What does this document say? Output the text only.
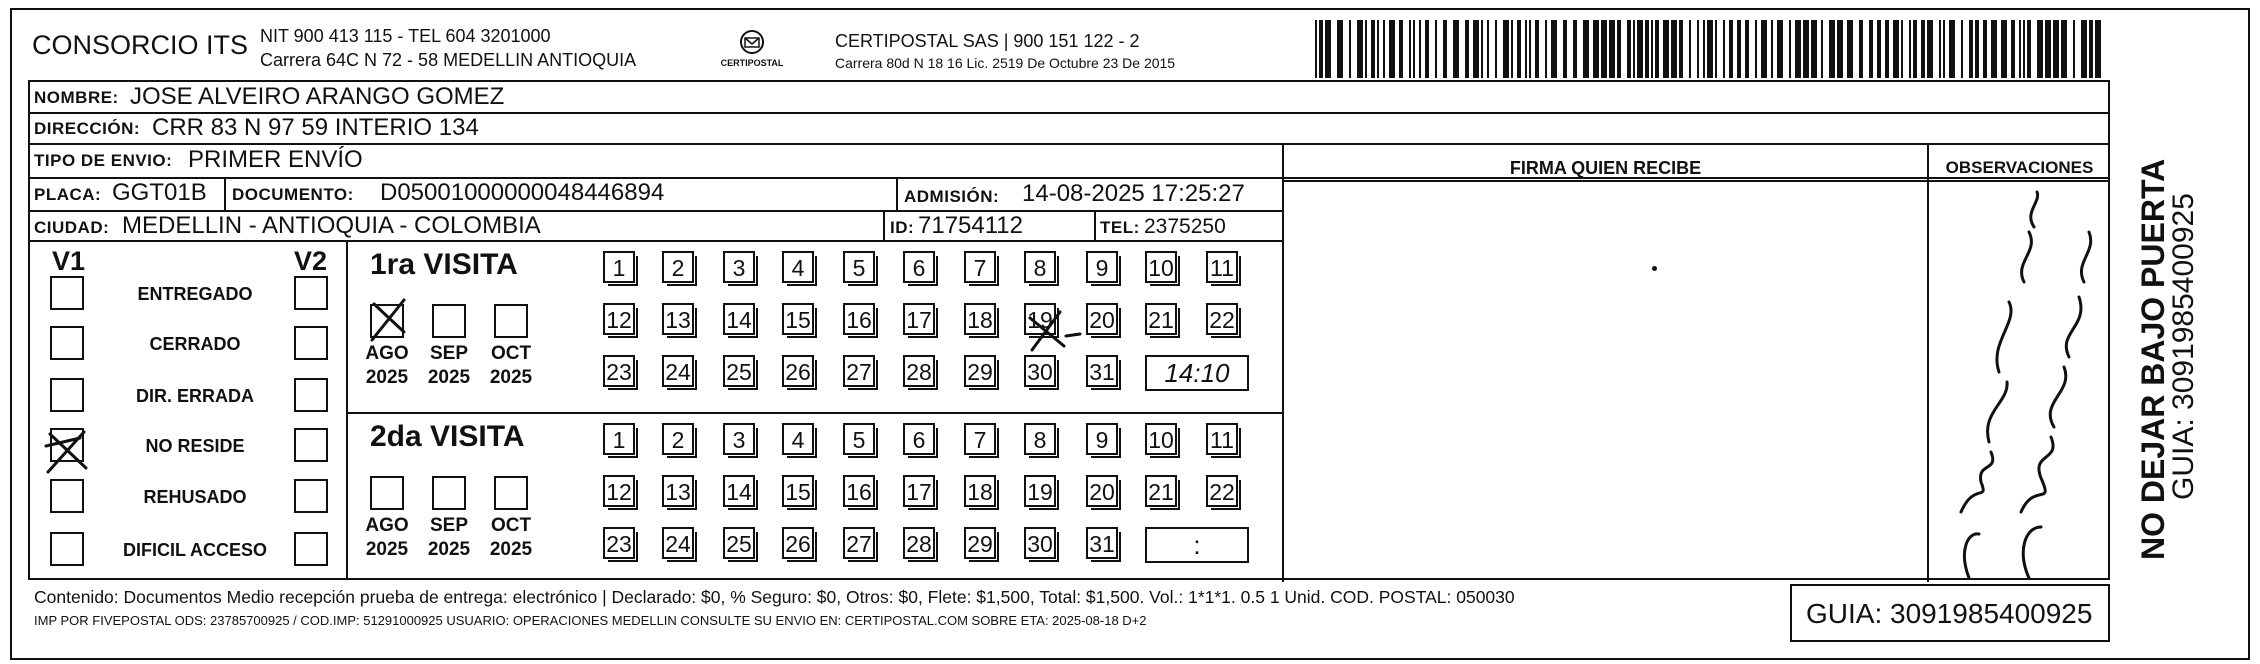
CONSORCIO ITS NIT 900 413 115 - TEL 604 3201000
Carrera 64C N 72 - 58 MEDELLIN ANTIOQUIA	CERTIPOSTAL
CERTIPOSTAL SAS | 900 151 122 - 2
Carrera 80d N 18 16 Lic. 2519 De Octubre 23 De 2015
NOMBRE: JOSE ALVEIRO ARANGO GOMEZ
DIRECCIÓN: CRR 83 N 97 59 INTERIO 134
TIPO DE ENVIO: PRIMER ENVÍO
PLACA: GGT01B DOCUMENTO: D05001000000048446894	ADMISIÓN: 14-08-2025 17:25:27
CIUDAD: MEDELLIN - ANTIOQUIA - COLOMBIA	ID: 71754112	TEL: 2375250
FIRMA QUIEN RECIBE	OBSERVACIONES
V1	V2
ENTREGADO
CERRADO
DIR. ERRADA
NO RESIDE
REHUSADO
DIFICIL ACCESO
1ra VISITA
AGO
2025
SEP
2025
OCT
2025
1	2	3	4	5	6	7	8	9	10 11
12 13 14 15 16 17 18 19 20 21 22
23 24 25 26 27 28 29 30 31	14:10
2da VISITA
AGO
2025
SEP
2025
OCT
2025
1	2	3	4	5	6	7	8	9	10 11
12 13 14 15 16 17 18 19 20 21 22
23 24 25 26 27 28 29 30 31	:
Contenido: Documentos Medio recepción prueba de entrega: electrónico | Declarado: $0, % Seguro: $0, Otros: $0, Flete: $1,500, Total: $1,500. Vol.: 1*1*1. 0.5 1 Unid. COD. POSTAL: 050030
IMP POR FIVEPOSTAL ODS: 23785700925 / COD.IMP: 51291000925 USUARIO: OPERACIONES MEDELLIN CONSULTE SU ENVIO EN: CERTIPOSTAL.COM SOBRE ETA: 2025-08-18 D+2	GUIA: 3091985400925
NO DEJAR BAJO PUERTA
GUIA: 3091985400925
